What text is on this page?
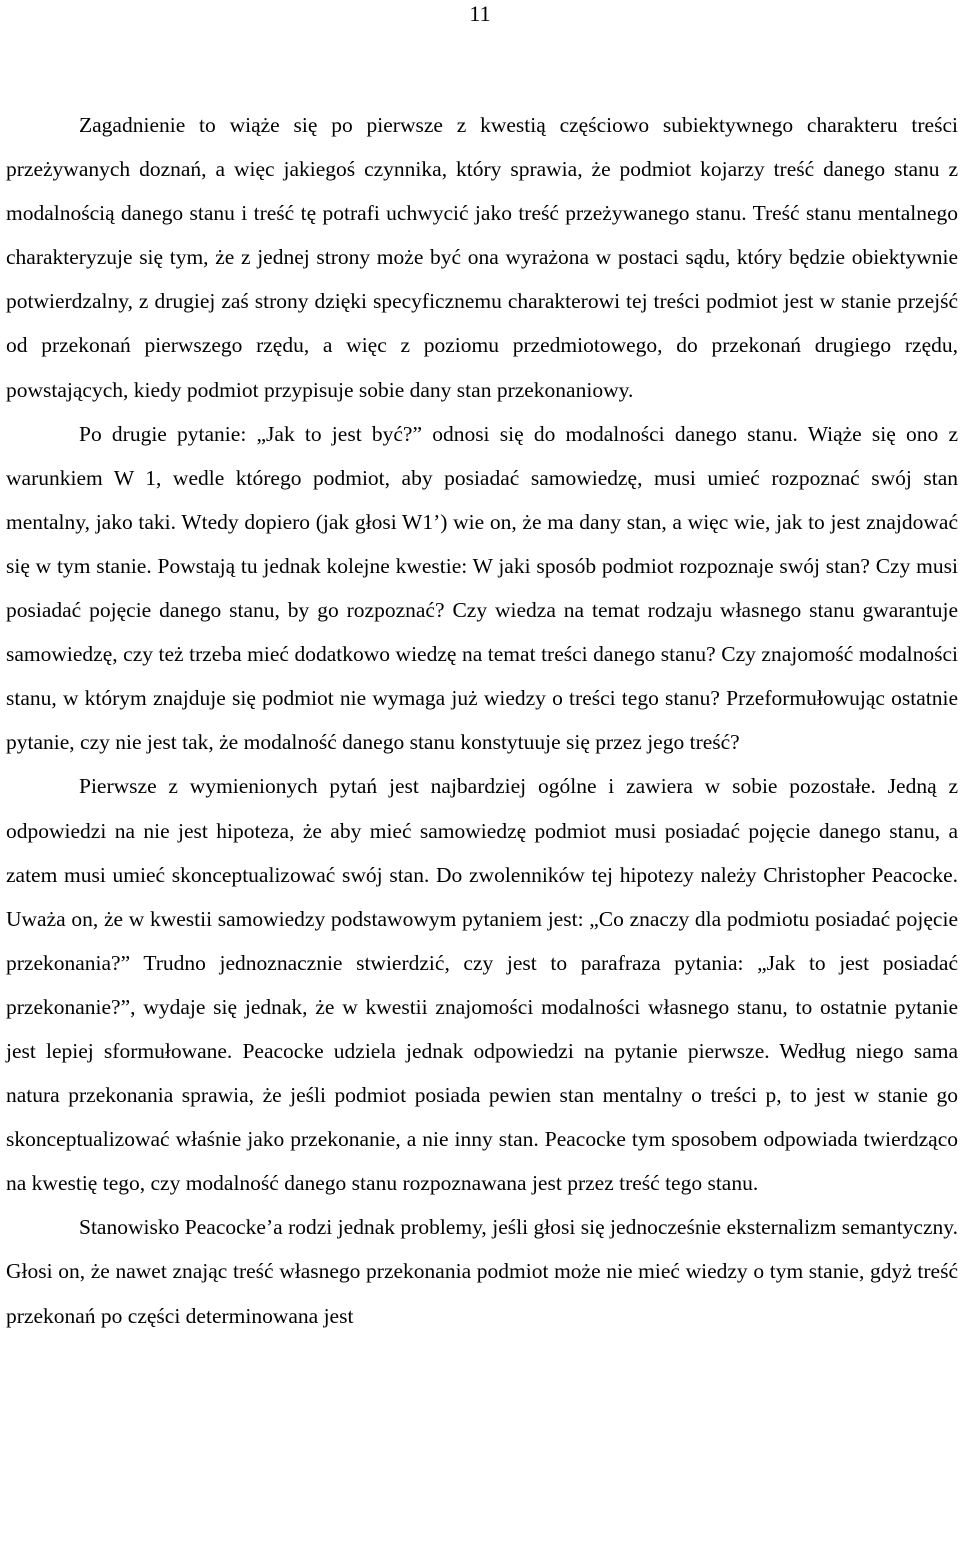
11

Zagadnienie to wiąże się po pierwsze z kwestią częściowo subiektywnego charakteru treści przeżywanych doznań, a więc jakiegoś czynnika, który sprawia, że podmiot kojarzy treść danego stanu z modalnością danego stanu i treść tę potrafi uchwycić jako treść przeżywanego stanu. Treść stanu mentalnego charakteryzuje się tym, że z jednej strony może być ona wyrażona w postaci sądu, który będzie obiektywnie potwierdzalny, z drugiej zaś strony dzięki specyficznemu charakterowi tej treści podmiot jest w stanie przejść od przekonań pierwszego rzędu, a więc z poziomu przedmiotowego, do przekonań drugiego rzędu, powstających, kiedy podmiot przypisuje sobie dany stan przekonaniowy.

Po drugie pytanie: „Jak to jest być?” odnosi się do modalności danego stanu. Wiąże się ono z warunkiem W 1, wedle którego podmiot, aby posiadać samowiedzę, musi umieć rozpoznać swój stan mentalny, jako taki. Wtedy dopiero (jak głosi W1’) wie on, że ma dany stan, a więc wie, jak to jest znajdować się w tym stanie. Powstają tu jednak kolejne kwestie: W jaki sposób podmiot rozpoznaje swój stan? Czy musi posiadać pojęcie danego stanu, by go rozpoznać? Czy wiedza na temat rodzaju własnego stanu gwarantuje samowiedzę, czy też trzeba mieć dodatkowo wiedzę na temat treści danego stanu? Czy znajomość modalności stanu, w którym znajduje się podmiot nie wymaga już wiedzy o treści tego stanu? Przeformułowując ostatnie pytanie, czy nie jest tak, że modalność danego stanu konstytuuje się przez jego treść?

Pierwsze z wymienionych pytań jest najbardziej ogólne i zawiera w sobie pozostałe. Jedną z odpowiedzi na nie jest hipoteza, że aby mieć samowiedzę podmiot musi posiadać pojęcie danego stanu, a zatem musi umieć skonceptualizować swój stan. Do zwolenników tej hipotezy należy Christopher Peacocke. Uważa on, że w kwestii samowiedzy podstawowym pytaniem jest: „Co znaczy dla podmiotu posiadać pojęcie przekonania?” Trudno jednoznacznie stwierdzić, czy jest to parafraza pytania: „Jak to jest posiadać przekonanie?”, wydaje się jednak, że w kwestii znajomości modalności własnego stanu, to ostatnie pytanie jest lepiej sformułowane. Peacocke udziela jednak odpowiedzi na pytanie pierwsze. Według niego sama natura przekonania sprawia, że jeśli podmiot posiada pewien stan mentalny o treści p, to jest w stanie go skonceptualizować właśnie jako przekonanie, a nie inny stan. Peacocke tym sposobem odpowiada twierdząco na kwestię tego, czy modalność danego stanu rozpoznawana jest przez treść tego stanu.

Stanowisko Peacocke’a rodzi jednak problemy, jeśli głosi się jednocześnie eksternalizm semantyczny. Głosi on, że nawet znając treść własnego przekonania podmiot może nie mieć wiedzy o tym stanie, gdyż treść przekonań po części determinowana jest
